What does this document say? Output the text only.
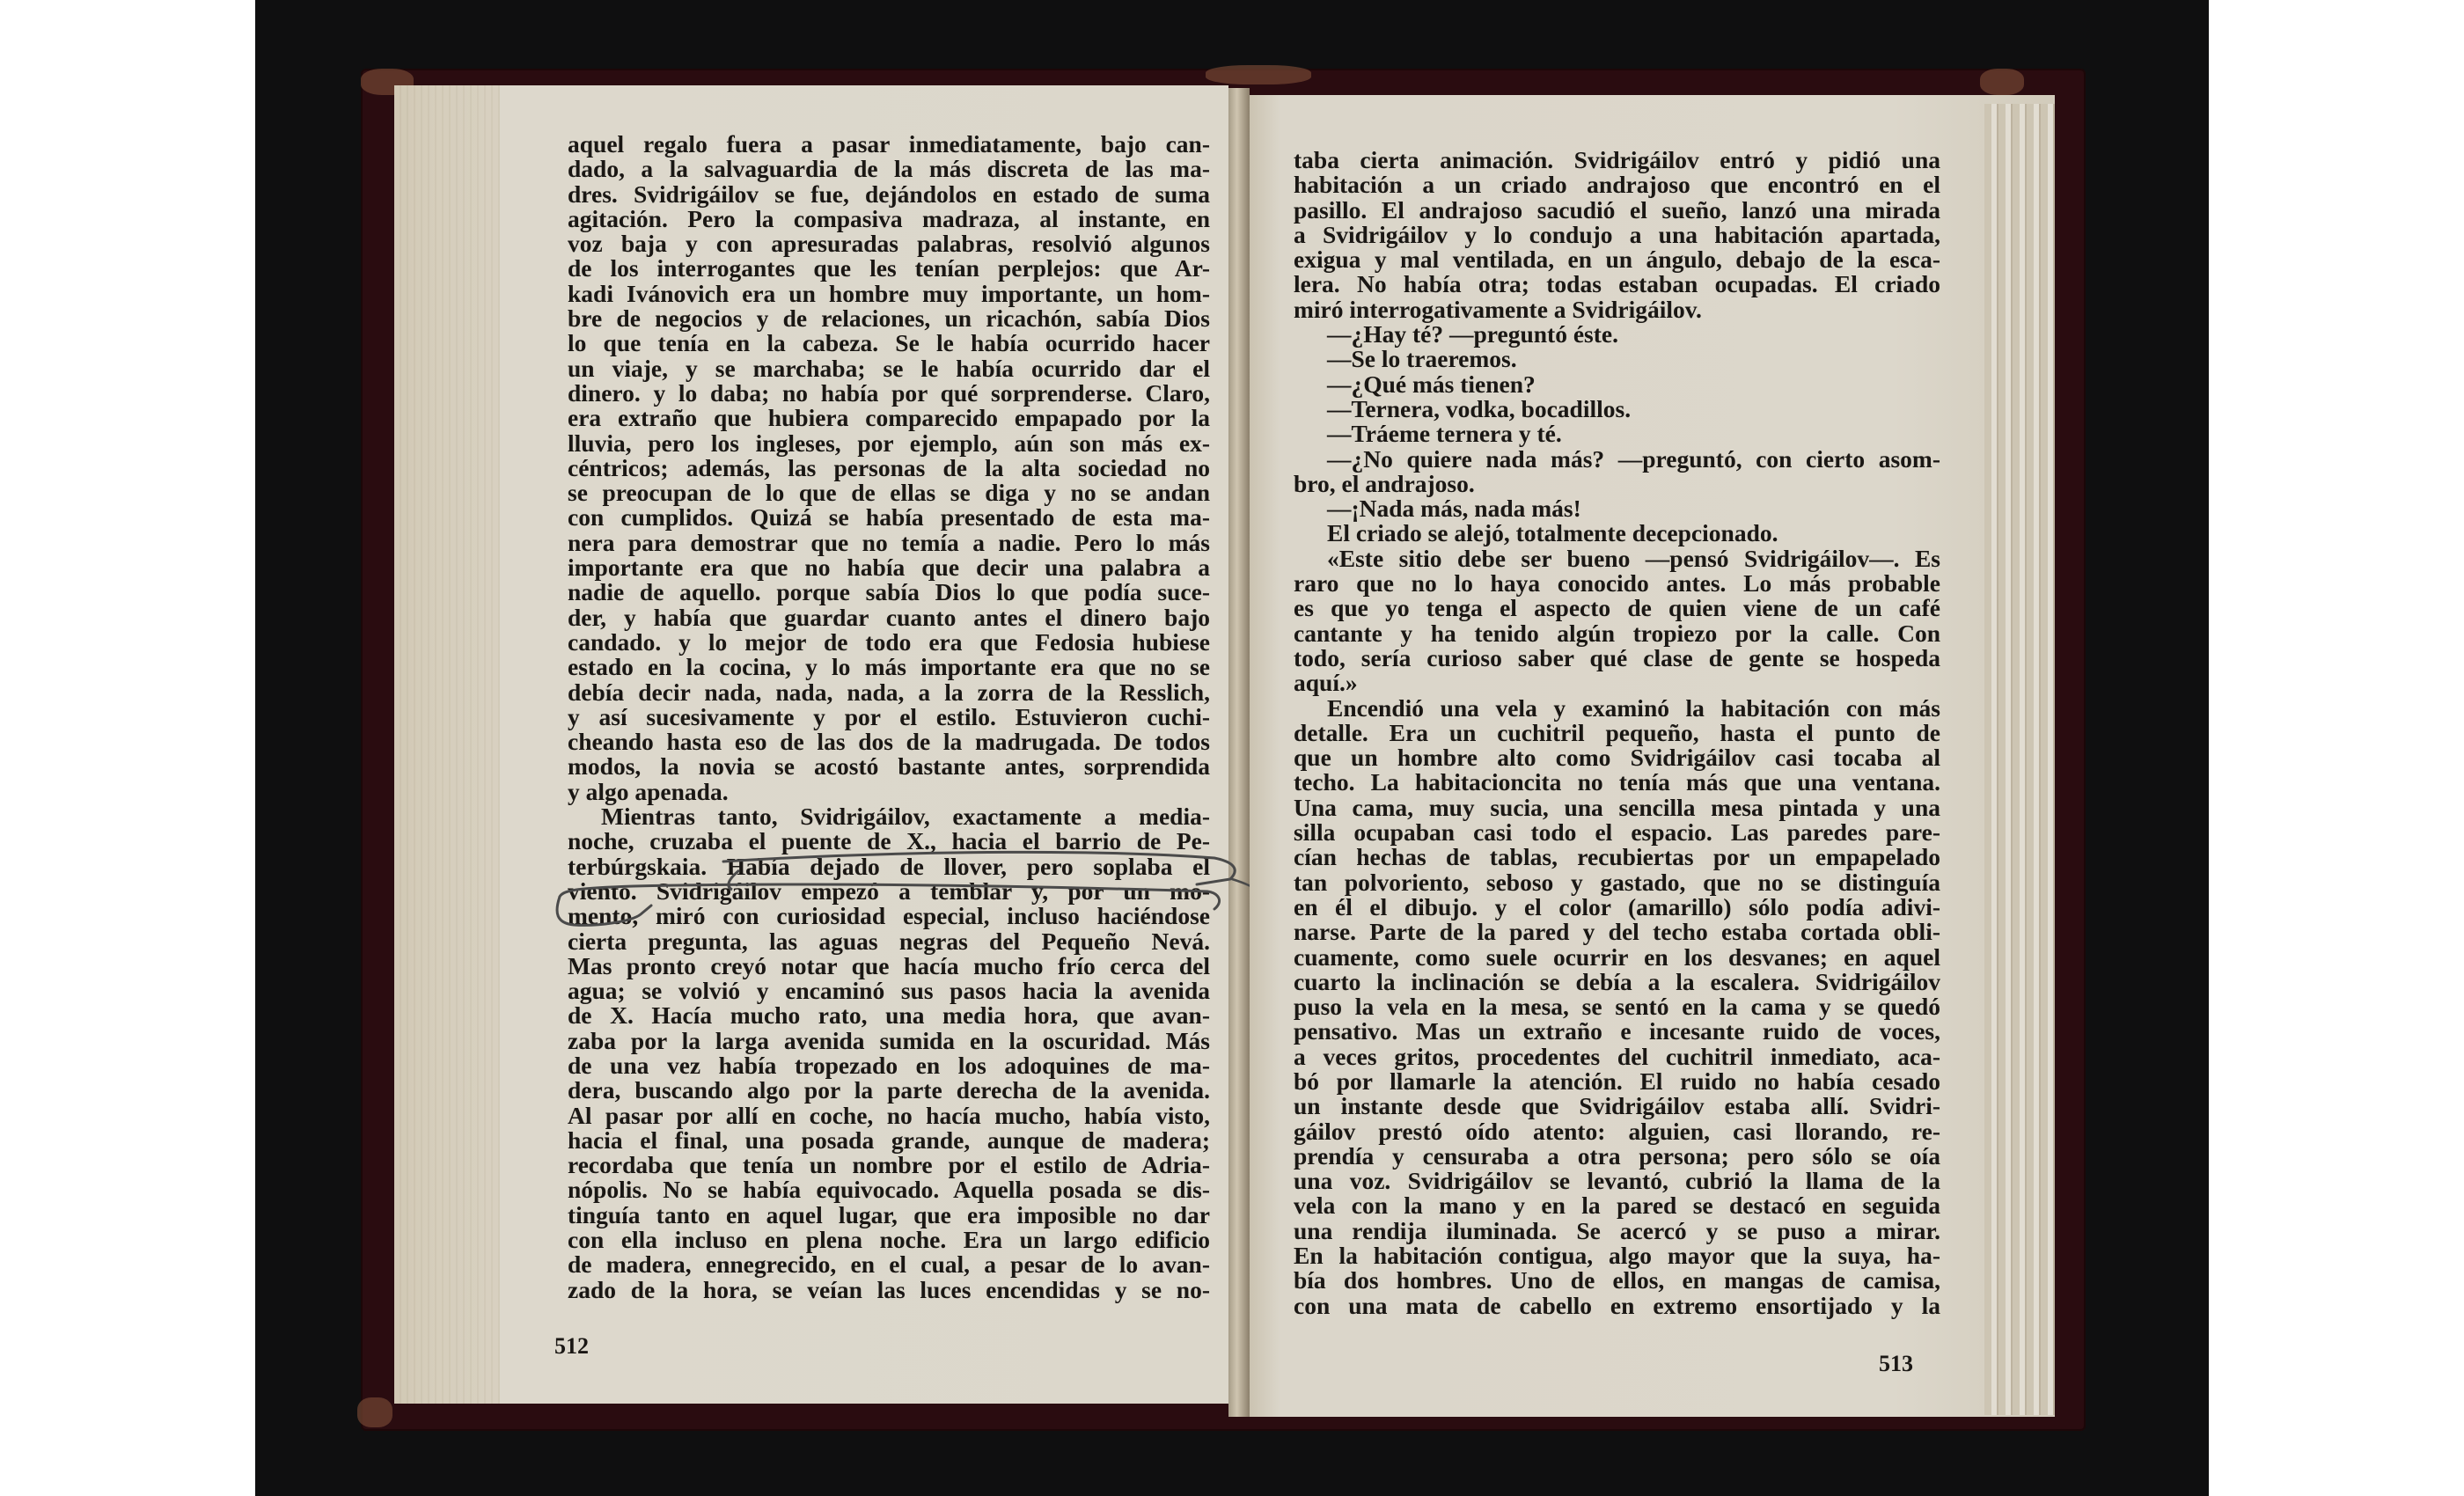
aquel regalo fuera a pasar inmediatamente, bajo can-
dado, a la salvaguardia de la más discreta de las ma-
dres. Svidrigáilov se fue, dejándolos en estado de suma
agitación. Pero la compasiva madraza, al instante, en
voz baja y con apresuradas palabras, resolvió algunos
de los interrogantes que les tenían perplejos: que Ar-
kadi Ivánovich era un hombre muy importante, un hom-
bre de negocios y de relaciones, un ricachón, sabía Dios
lo que tenía en la cabeza. Se le había ocurrido hacer
un viaje, y se marchaba; se le había ocurrido dar el
dinero. y lo daba; no había por qué sorprenderse. Claro,
era extraño que hubiera comparecido empapado por la
lluvia, pero los ingleses, por ejemplo, aún son más ex-
céntricos; además, las personas de la alta sociedad no
se preocupan de lo que de ellas se diga y no se andan
con cumplidos. Quizá se había presentado de esta ma-
nera para demostrar que no temía a nadie. Pero lo más
importante era que no había que decir una palabra a
nadie de aquello. porque sabía Dios lo que podía suce-
der, y había que guardar cuanto antes el dinero bajo
candado. y lo mejor de todo era que Fedosia hubiese
estado en la cocina, y lo más importante era que no se
debía decir nada, nada, nada, a la zorra de la Resslich,
y así sucesivamente y por el estilo. Estuvieron cuchi-
cheando hasta eso de las dos de la madrugada. De todos
modos, la novia se acostó bastante antes, sorprendida
y algo apenada.
Mientras tanto, Svidrigáilov, exactamente a media-
noche, cruzaba el puente de X., hacia el barrio de Pe-
terbúrgskaia. Había dejado de llover, pero soplaba el
viento. Svidrigáilov empezó a temblar y, por un mo-
mento, miró con curiosidad especial, incluso haciéndose
cierta pregunta, las aguas negras del Pequeño Nevá.
Mas pronto creyó notar que hacía mucho frío cerca del
agua; se volvió y encaminó sus pasos hacia la avenida
de X. Hacía mucho rato, una media hora, que avan-
zaba por la larga avenida sumida en la oscuridad. Más
de una vez había tropezado en los adoquines de ma-
dera, buscando algo por la parte derecha de la avenida.
Al pasar por allí en coche, no hacía mucho, había visto,
hacia el final, una posada grande, aunque de madera;
recordaba que tenía un nombre por el estilo de Adria-
nópolis. No se había equivocado. Aquella posada se dis-
tinguía tanto en aquel lugar, que era imposible no dar
con ella incluso en plena noche. Era un largo edificio
de madera, ennegrecido, en el cual, a pesar de lo avan-
zado de la hora, se veían las luces encendidas y se no-
taba cierta animación. Svidrigáilov entró y pidió una
habitación a un criado andrajoso que encontró en el
pasillo. El andrajoso sacudió el sueño, lanzó una mirada
a Svidrigáilov y lo condujo a una habitación apartada,
exigua y mal ventilada, en un ángulo, debajo de la esca-
lera. No había otra; todas estaban ocupadas. El criado
miró interrogativamente a Svidrigáilov.
—¿Hay té? —preguntó éste.
—Se lo traeremos.
—¿Qué más tienen?
—Ternera, vodka, bocadillos.
—Tráeme ternera y té.
—¿No quiere nada más? —preguntó, con cierto asom-
bro, el andrajoso.
—¡Nada más, nada más!
El criado se alejó, totalmente decepcionado.
«Este sitio debe ser bueno —pensó Svidrigáilov—. Es
raro que no lo haya conocido antes. Lo más probable
es que yo tenga el aspecto de quien viene de un café
cantante y ha tenido algún tropiezo por la calle. Con
todo, sería curioso saber qué clase de gente se hospeda
aquí.»
Encendió una vela y examinó la habitación con más
detalle. Era un cuchitril pequeño, hasta el punto de
que un hombre alto como Svidrigáilov casi tocaba al
techo. La habitacioncita no tenía más que una ventana.
Una cama, muy sucia, una sencilla mesa pintada y una
silla ocupaban casi todo el espacio. Las paredes pare-
cían hechas de tablas, recubiertas por un empapelado
tan polvoriento, seboso y gastado, que no se distinguía
en él el dibujo. y el color (amarillo) sólo podía adivi-
narse. Parte de la pared y del techo estaba cortada obli-
cuamente, como suele ocurrir en los desvanes; en aquel
cuarto la inclinación se debía a la escalera. Svidrigáilov
puso la vela en la mesa, se sentó en la cama y se quedó
pensativo. Mas un extraño e incesante ruido de voces,
a veces gritos, procedentes del cuchitril inmediato, aca-
bó por llamarle la atención. El ruido no había cesado
un instante desde que Svidrigáilov estaba allí. Svidri-
gáilov prestó oído atento: alguien, casi llorando, re-
prendía y censuraba a otra persona; pero sólo se oía
una voz. Svidrigáilov se levantó, cubrió la llama de la
vela con la mano y en la pared se destacó en seguida
una rendija iluminada. Se acercó y se puso a mirar.
En la habitación contigua, algo mayor que la suya, ha-
bía dos hombres. Uno de ellos, en mangas de camisa,
con una mata de cabello en extremo ensortijado y la
512
513
